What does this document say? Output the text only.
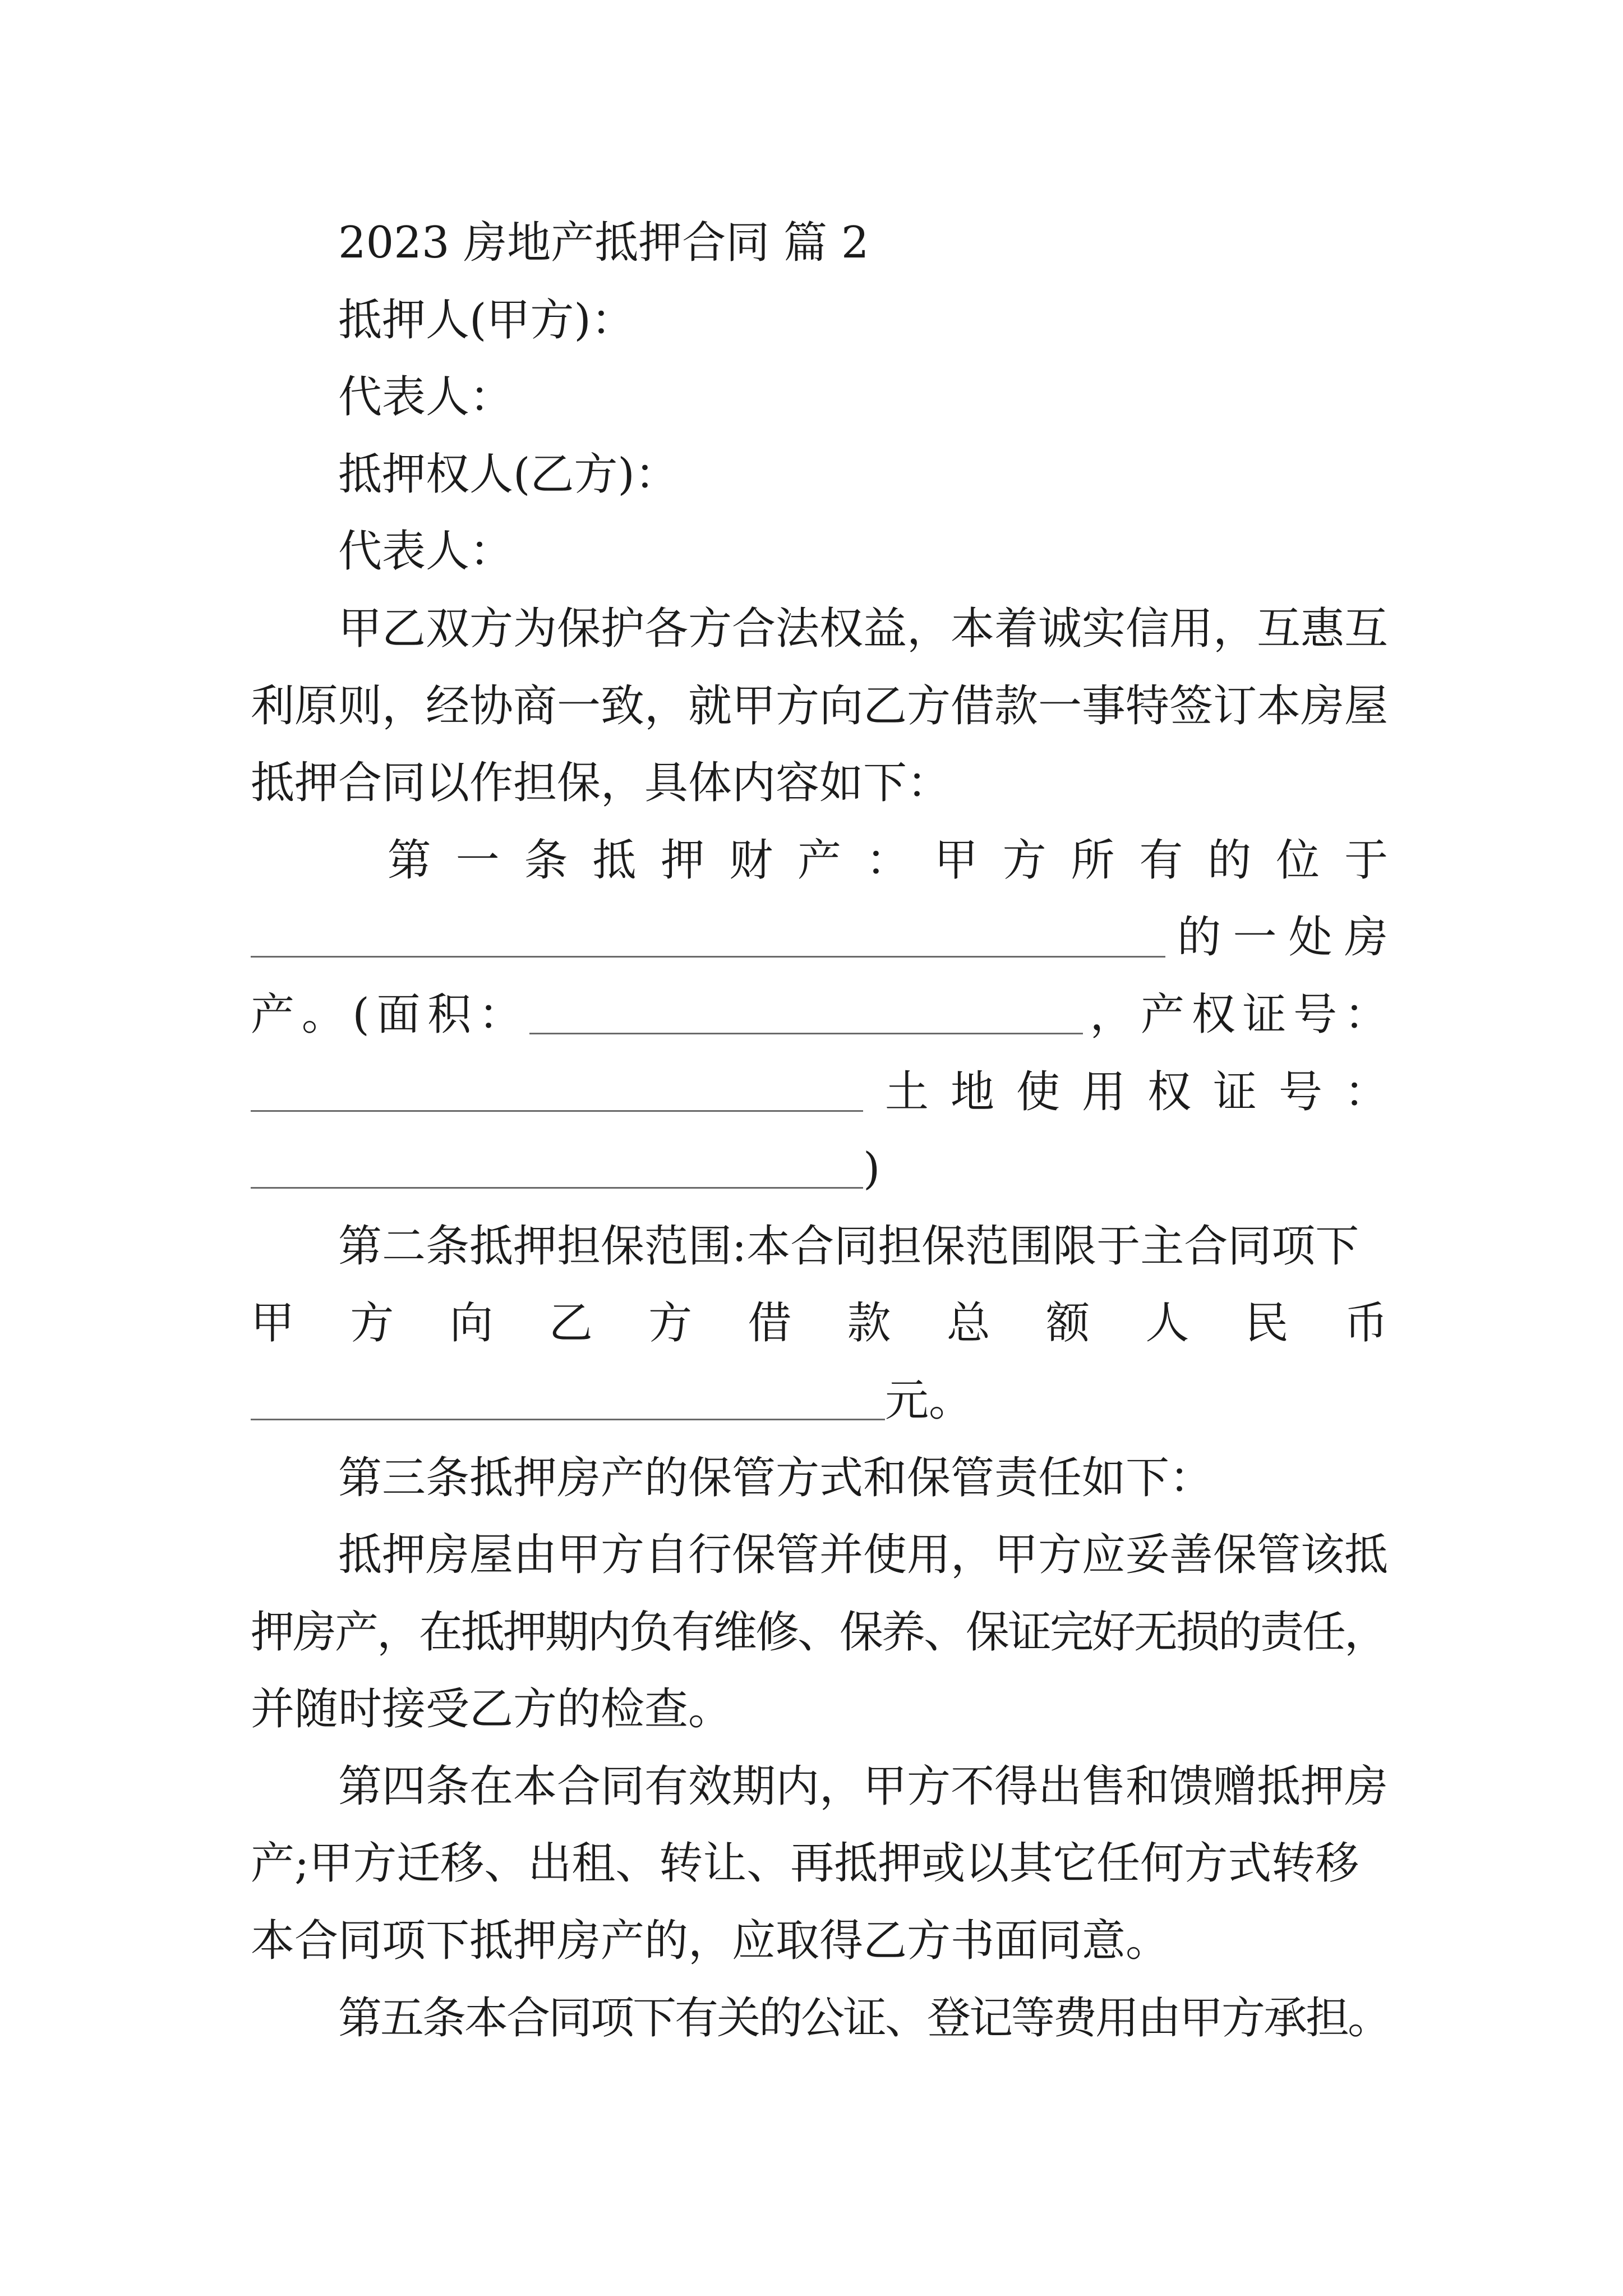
2023 房地产抵押合同 篇 2
抵押人(甲方)：
代表人：
抵押权人(乙方)：
代表人：
甲乙双方为保护各方合法权益，本着诚实信用，互惠互
利原则，经协商一致，就甲方向乙方借款一事特签订本房屋
抵押合同以作担保，具体内容如下：
第 一 条 抵 押 财 产 ： 甲 方 所 有 的 位 于
的 一 处 房
产 。 ( 面 积 ：	， 产 权 证 号 ：
土 地 使 用 权 证 号 ：
)
第二条抵押担保范围:本合同担保范围限于主合同项下
甲 方 向 乙 方 借 款 总 额 人 民 币
元 。
第三条抵押房产的保管方式和保管责任如下：
抵押房屋由甲方自行保管并使用，甲方应妥善保管该抵
押房产，在抵押期内负有维修、保养、保证完好无损的责任，
并随时接受乙方的检查。
第四条在本合同有效期内，甲方不得出售和馈赠抵押房
产;甲方迁移、出租、转让、再抵押或以其它任何方式转移
本合同项下抵押房产的，应取得乙方书面同意。
第五条本合同项下有关的公证、登记等费用由甲方承担。
